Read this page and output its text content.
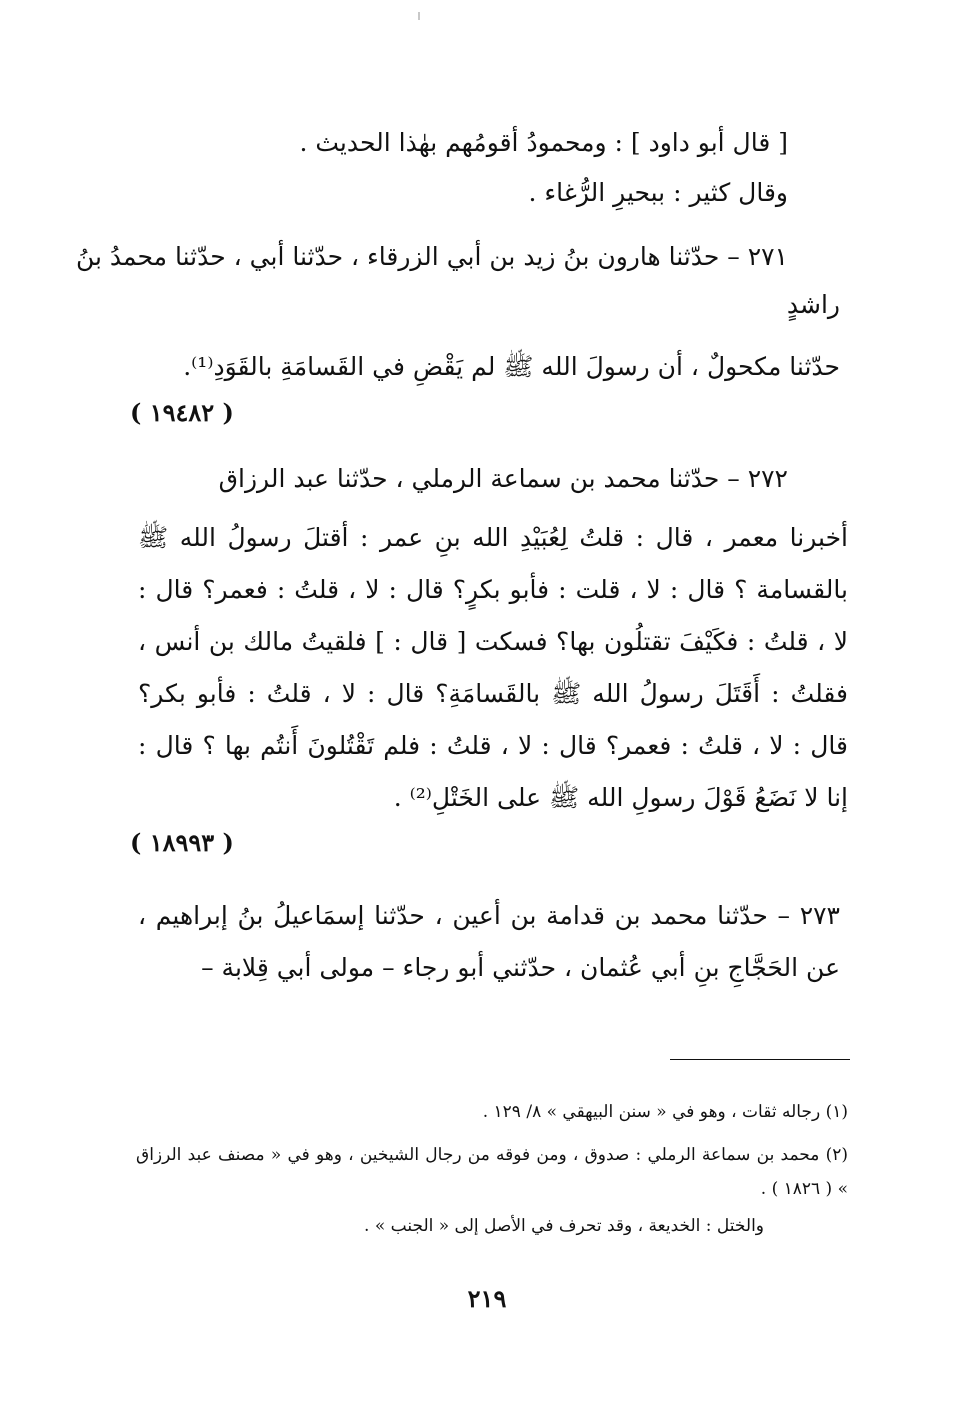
[ قال أبو داود ] : ومحمودُ أقومُهم بهٰذا الحديث .
وقال كثير : ببحيرِ الرُّغاء .
٢٧١ – حدّثنا هارون بنُ زيد بن أبي الزرقاء ، حدّثنا أبي ، حدّثنا محمدُ بنُ
راشدٍ
حدّثنا مكحولٌ ، أن رسولَ الله ﷺ لم يَقْضِ في القَسامَةِ بالقَوَدِ⁽¹⁾.
( ١٩٤٨٢ )
٢٧٢ – حدّثنا محمد بن سماعة الرملي ، حدّثنا عبد الرزاق
أخبرنا معمر ، قال : قلتُ لِعُبَيْدِ الله بنِ عمر : أقتلَ رسولُ الله ﷺ بالقسامة ؟ قال : لا ، قلت : فأبو بكرٍ؟ قال : لا ، قلتُ : فعمر؟ قال : لا ، قلتُ : فكَيْفَ تقتلُون بها؟ فسكت [ قال : ] فلقيتُ مالك بن أنس ، فقلتُ : أَقَتَلَ رسولُ الله ﷺ بالقَسامَةِ؟ قال : لا ، قلتُ : فأبو بكر؟ قال : لا ، قلتُ : فعمر؟ قال : لا ، قلتُ : فلم تَقْتُلونَ أَنتُم بها ؟ قال : إنا لا نَضَعُ قَوْلَ رسولِ الله ﷺ على الخَتْلِ⁽²⁾ .
( ١٨٩٩٣ )
٢٧٣ – حدّثنا محمد بن قدامة بن أعين ، حدّثنا إسمَاعيلُ بنُ إبراهيم ، عن الحَجَّاجِ بنِ أبي عُثمان ، حدّثني أبو رجاء – مولى أبي قِلابة –
(١) رجاله ثقات ، وهو في « سنن البيهقي » ٨/ ١٢٩ .
(٢) محمد بن سماعة الرملي : صدوق ، ومن فوقه من رجال الشيخين ، وهو في « مصنف عبد الرزاق » ( ١٨٢٦ ) .
والختل : الخديعة ، وقد تحرف في الأصل إلى « الجنب » .
٢١٩
